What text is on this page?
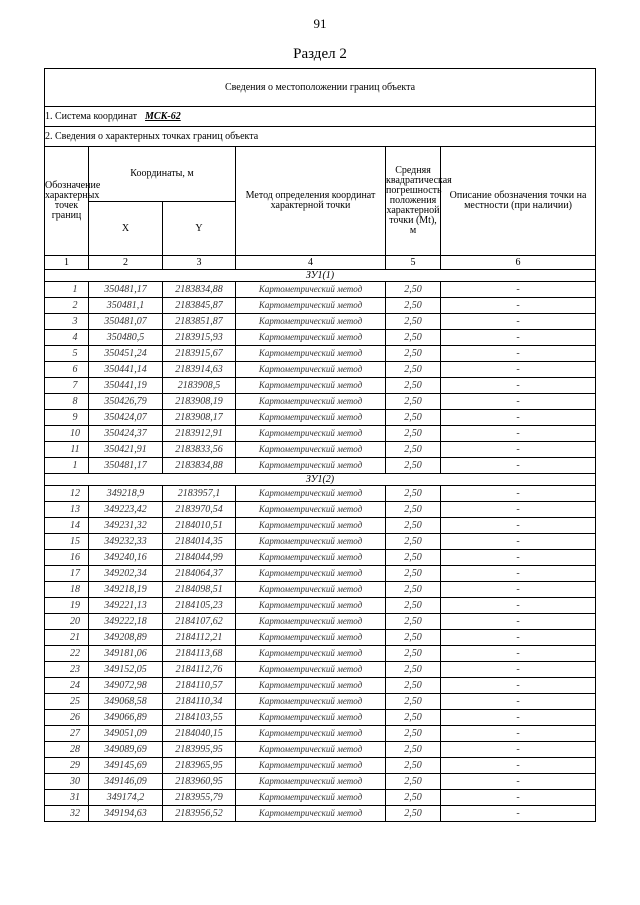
91
Раздел 2
Сведения о местоположении границ объекта					
1. Система координат МСК-62					
2. Сведения о характерных точках границ объекта					
Обозначение характерных точек границ	Координаты, м		Метод определения координат характерной точки	Средняя квадратическая погрешность положения характерной точки (Mt), м	Описание обозначения точки на местности (при наличии)
	X	Y			
1	2	3	4	5	6
ЗУ1(1)					
1	350481,17	2183834,88	Картометрический метод	2,50	-
2	350481,1	2183845,87	Картометрический метод	2,50	-
3	350481,07	2183851,87	Картометрический метод	2,50	-
4	350480,5	2183915,93	Картометрический метод	2,50	-
5	350451,24	2183915,67	Картометрический метод	2,50	-
6	350441,14	2183914,63	Картометрический метод	2,50	-
7	350441,19	2183908,5	Картометрический метод	2,50	-
8	350426,79	2183908,19	Картометрический метод	2,50	-
9	350424,07	2183908,17	Картометрический метод	2,50	-
10	350424,37	2183912,91	Картометрический метод	2,50	-
11	350421,91	2183833,56	Картометрический метод	2,50	-
1	350481,17	2183834,88	Картометрический метод	2,50	-
ЗУ1(2)					
12	349218,9	2183957,1	Картометрический метод	2,50	-
13	349223,42	2183970,54	Картометрический метод	2,50	-
14	349231,32	2184010,51	Картометрический метод	2,50	-
15	349232,33	2184014,35	Картометрический метод	2,50	-
16	349240,16	2184044,99	Картометрический метод	2,50	-
17	349202,34	2184064,37	Картометрический метод	2,50	-
18	349218,19	2184098,51	Картометрический метод	2,50	-
19	349221,13	2184105,23	Картометрический метод	2,50	-
20	349222,18	2184107,62	Картометрический метод	2,50	-
21	349208,89	2184112,21	Картометрический метод	2,50	-
22	349181,06	2184113,68	Картометрический метод	2,50	-
23	349152,05	2184112,76	Картометрический метод	2,50	-
24	349072,98	2184110,57	Картометрический метод	2,50	-
25	349068,58	2184110,34	Картометрический метод	2,50	-
26	349066,89	2184103,55	Картометрический метод	2,50	-
27	349051,09	2184040,15	Картометрический метод	2,50	-
28	349089,69	2183995,95	Картометрический метод	2,50	-
29	349145,69	2183965,95	Картометрический метод	2,50	-
30	349146,09	2183960,95	Картометрический метод	2,50	-
31	349174,2	2183955,79	Картометрический метод	2,50	-
32	349194,63	2183956,52	Картометрический метод	2,50	-
